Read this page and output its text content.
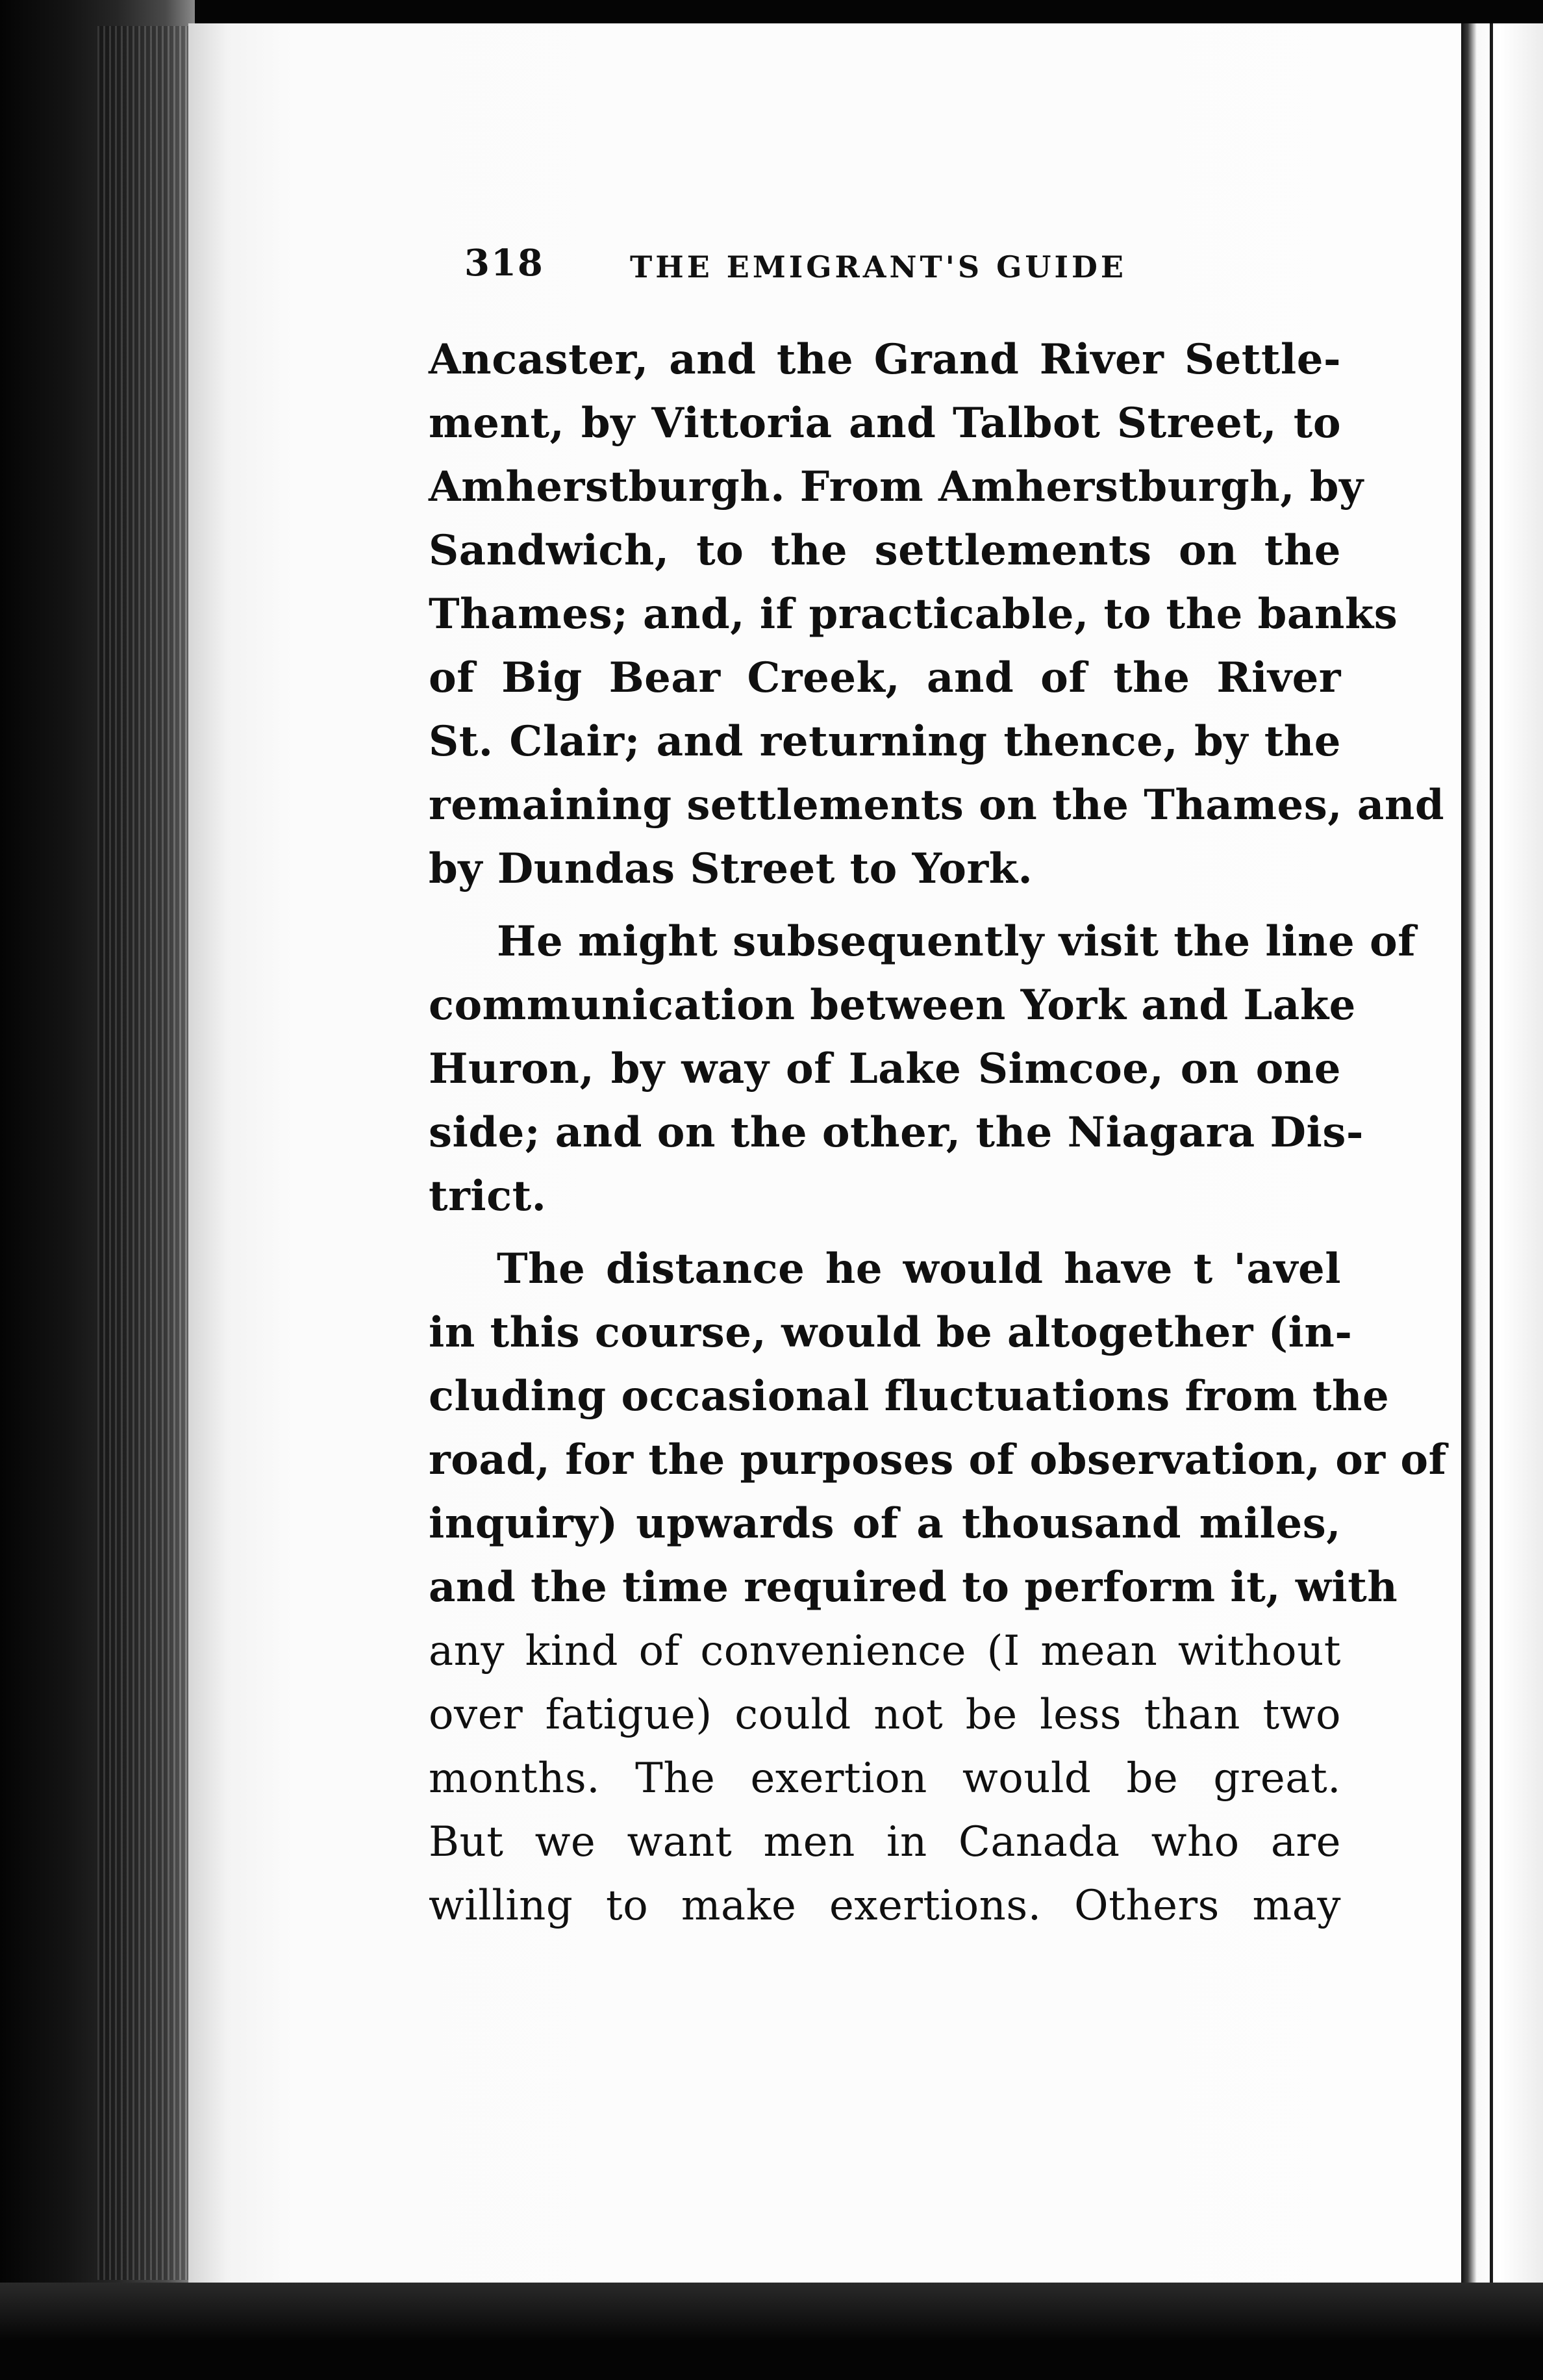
318	THE EMIGRANT'S GUIDE
Ancaster, and the Grand River Settle-
ment, by Vittoria and Talbot Street, to
Amherstburgh. From Amherstburgh, by
Sandwich, to the settlements on the
Thames; and, if practicable, to the banks
of Big Bear Creek, and of the River
St. Clair; and returning thence, by the
remaining settlements on the Thames, and
by Dundas Street to York.
He might subsequently visit the line of
communication between York and Lake
Huron, by way of Lake Simcoe, on one
side; and on the other, the Niagara Dis-
trict.
The distance he would have t 'avel
in this course, would be altogether (in-
cluding occasional fluctuations from the
road, for the purposes of observation, or of
inquiry) upwards of a thousand miles,
and the time required to perform it, with
any kind of convenience (I mean without
over fatigue) could not be less than two
months. The exertion would be great.
But we want men in Canada who are
willing to make exertions. Others may
